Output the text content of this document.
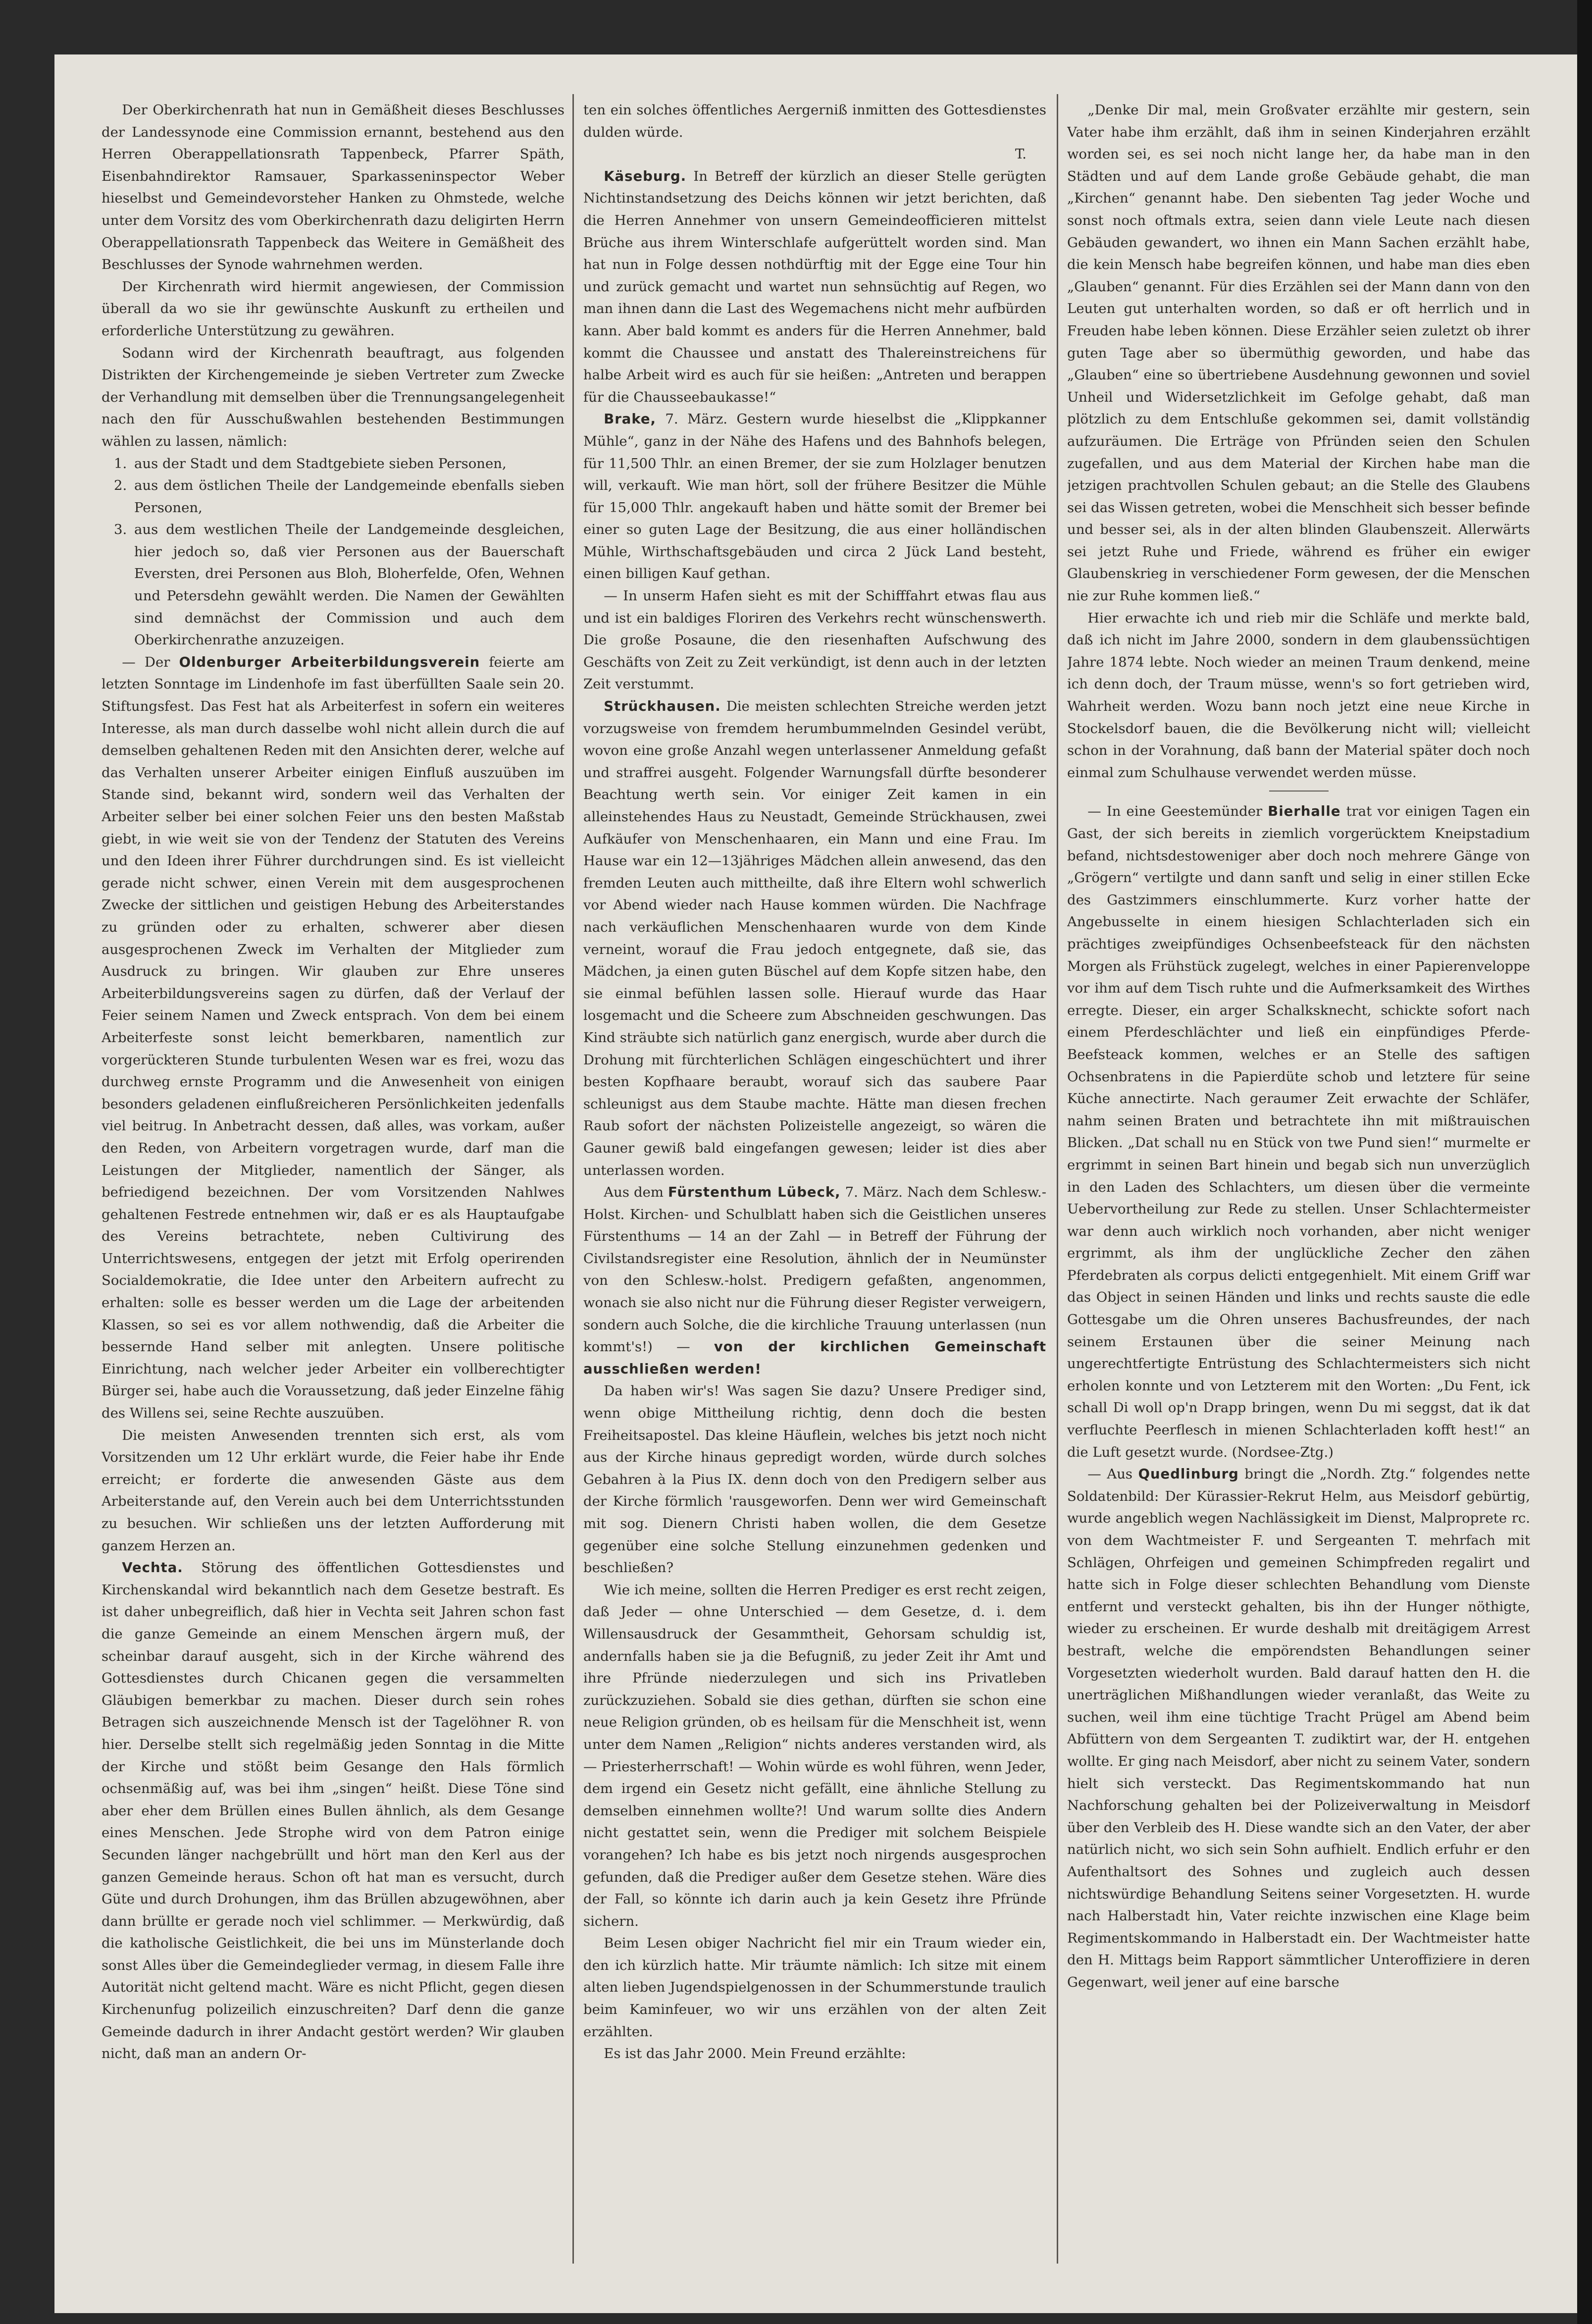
Der Oberkirchenrath hat nun in Gemäßheit dieses Beschlusses der Landessynode eine Commission ernannt, bestehend aus den Herren Oberappellationsrath Tappenbeck, Pfarrer Späth, Eisenbahndirektor Ramsauer, Sparkasseninspector Weber hieselbst und Gemeindevorsteher Hanken zu Ohmstede, welche unter dem Vorsitz des vom Oberkirchenrath dazu deligirten Herrn Oberappellationsrath Tappenbeck das Weitere in Gemäßheit des Beschlusses der Synode wahrnehmen werden.

Der Kirchenrath wird hiermit angewiesen, der Commission überall da wo sie ihr gewünschte Auskunft zu ertheilen und erforderliche Unterstützung zu gewähren.

Sodann wird der Kirchenrath beauftragt, aus folgenden Distrikten der Kirchengemeinde je sieben Vertreter zum Zwecke der Verhandlung mit demselben über die Trennungsangelegenheit nach den für Ausschußwahlen bestehenden Bestimmungen wählen zu lassen, nämlich:

1. aus der Stadt und dem Stadtgebiete sieben Personen,
2. aus dem östlichen Theile der Landgemeinde ebenfalls sieben Personen,
3. aus dem westlichen Theile der Landgemeinde desgleichen, hier jedoch so, daß vier Personen aus der Bauerschaft Eversten, drei Personen aus Bloh, Bloherfelde, Ofen, Wehnen und Petersdehn gewählt werden. Die Namen der Gewählten sind demnächst der Commission und auch dem Oberkirchenrathe anzuzeigen.

— Der Oldenburger Arbeiterbildungsverein feierte am letzten Sonntage im Lindenhofe im fast überfüllten Saale sein 20. Stiftungsfest. Das Fest hat als Arbeiterfest in sofern ein weiteres Interesse, als man durch dasselbe wohl nicht allein durch die auf demselben gehaltenen Reden mit den Ansichten derer, welche auf das Verhalten unserer Arbeiter einigen Einfluß auszuüben im Stande sind, bekannt wird, sondern weil das Verhalten der Arbeiter selber bei einer solchen Feier uns den besten Maßstab giebt, in wie weit sie von der Tendenz der Statuten des Vereins und den Ideen ihrer Führer durchdrungen sind. Es ist vielleicht gerade nicht schwer, einen Verein mit dem ausgesprochenen Zwecke der sittlichen und geistigen Hebung des Arbeiterstandes zu gründen oder zu erhalten, schwerer aber diesen ausgesprochenen Zweck im Verhalten der Mitglieder zum Ausdruck zu bringen. Wir glauben zur Ehre unseres Arbeiterbildungsvereins sagen zu dürfen, daß der Verlauf der Feier seinem Namen und Zweck entsprach. Von dem bei einem Arbeiterfeste sonst leicht bemerkbaren, namentlich zur vorgerückteren Stunde turbulenten Wesen war es frei, wozu das durchweg ernste Programm und die Anwesenheit von einigen besonders geladenen einflußreicheren Persönlichkeiten jedenfalls viel beitrug. In Anbetracht dessen, daß alles, was vorkam, außer den Reden, von Arbeitern vorgetragen wurde, darf man die Leistungen der Mitglieder, namentlich der Sänger, als befriedigend bezeichnen. Der vom Vorsitzenden Nahlwes gehaltenen Festrede entnehmen wir, daß er es als Hauptaufgabe des Vereins betrachtete, neben Cultivirung des Unterrichtswesens, entgegen der jetzt mit Erfolg operirenden Socialdemokratie, die Idee unter den Arbeitern aufrecht zu erhalten: solle es besser werden um die Lage der arbeitenden Klassen, so sei es vor allem nothwendig, daß die Arbeiter die bessernde Hand selber mit anlegten. Unsere politische Einrichtung, nach welcher jeder Arbeiter ein vollberechtigter Bürger sei, habe auch die Voraussetzung, daß jeder Einzelne fähig des Willens sei, seine Rechte auszuüben.

Die meisten Anwesenden trennten sich erst, als vom Vorsitzenden um 12 Uhr erklärt wurde, die Feier habe ihr Ende erreicht; er forderte die anwesenden Gäste aus dem Arbeiterstande auf, den Verein auch bei dem Unterrichtsstunden zu besuchen. Wir schließen uns der letzten Aufforderung mit ganzem Herzen an.

Vechta. Störung des öffentlichen Gottesdienstes und Kirchenskandal wird bekanntlich nach dem Gesetze bestraft. Es ist daher unbegreiflich, daß hier in Vechta seit Jahren schon fast die ganze Gemeinde an einem Menschen ärgern muß, der scheinbar darauf ausgeht, sich in der Kirche während des Gottesdienstes durch Chicanen gegen die versammelten Gläubigen bemerkbar zu machen. Dieser durch sein rohes Betragen sich auszeichnende Mensch ist der Tagelöhner R. von hier. Derselbe stellt sich regelmäßig jeden Sonntag in die Mitte der Kirche und stößt beim Gesange den Hals förmlich ochsenmäßig auf, was bei ihm „singen“ heißt. Diese Töne sind aber eher dem Brüllen eines Bullen ähnlich, als dem Gesange eines Menschen. Jede Strophe wird von dem Patron einige Secunden länger nachgebrüllt und hört man den Kerl aus der ganzen Gemeinde heraus. Schon oft hat man es versucht, durch Güte und durch Drohungen, ihm das Brüllen abzugewöhnen, aber dann brüllte er gerade noch viel schlimmer. — Merkwürdig, daß die katholische Geistlichkeit, die bei uns im Münsterlande doch sonst Alles über die Gemeindeglieder vermag, in diesem Falle ihre Autorität nicht geltend macht. Wäre es nicht Pflicht, gegen diesen Kirchenunfug polizeilich einzuschreiten? Darf denn die ganze Gemeinde dadurch in ihrer Andacht gestört werden? Wir glauben nicht, daß man an andern Or-

ten ein solches öffentliches Aergerniß inmitten des Gottesdienstes dulden würde.

T.

Käseburg. In Betreff der kürzlich an dieser Stelle gerügten Nichtinstandsetzung des Deichs können wir jetzt berichten, daß die Herren Annehmer von unsern Gemeindeofficieren mittelst Brüche aus ihrem Winterschlafe aufgerüttelt worden sind. Man hat nun in Folge dessen nothdürftig mit der Egge eine Tour hin und zurück gemacht und wartet nun sehnsüchtig auf Regen, wo man ihnen dann die Last des Wegemachens nicht mehr aufbürden kann. Aber bald kommt es anders für die Herren Annehmer, bald kommt die Chaussee und anstatt des Thalereinstreichens für halbe Arbeit wird es auch für sie heißen: „Antreten und berappen für die Chausseebaukasse!“

Brake, 7. März. Gestern wurde hieselbst die „Klippkanner Mühle“, ganz in der Nähe des Hafens und des Bahnhofs belegen, für 11,500 Thlr. an einen Bremer, der sie zum Holzlager benutzen will, verkauft. Wie man hört, soll der frühere Besitzer die Mühle für 15,000 Thlr. angekauft haben und hätte somit der Bremer bei einer so guten Lage der Besitzung, die aus einer holländischen Mühle, Wirthschaftsgebäuden und circa 2 Jück Land besteht, einen billigen Kauf gethan.

— In unserm Hafen sieht es mit der Schifffahrt etwas flau aus und ist ein baldiges Floriren des Verkehrs recht wünschenswerth. Die große Posaune, die den riesenhaften Aufschwung des Geschäfts von Zeit zu Zeit verkündigt, ist denn auch in der letzten Zeit verstummt.

Strückhausen. Die meisten schlechten Streiche werden jetzt vorzugsweise von fremdem herumbummelnden Gesindel verübt, wovon eine große Anzahl wegen unterlassener Anmeldung gefaßt und straffrei ausgeht. Folgender Warnungsfall dürfte besonderer Beachtung werth sein. Vor einiger Zeit kamen in ein alleinstehendes Haus zu Neustadt, Gemeinde Strückhausen, zwei Aufkäufer von Menschenhaaren, ein Mann und eine Frau. Im Hause war ein 12—13jähriges Mädchen allein anwesend, das den fremden Leuten auch mittheilte, daß ihre Eltern wohl schwerlich vor Abend wieder nach Hause kommen würden. Die Nachfrage nach verkäuflichen Menschenhaaren wurde von dem Kinde verneint, worauf die Frau jedoch entgegnete, daß sie, das Mädchen, ja einen guten Büschel auf dem Kopfe sitzen habe, den sie einmal befühlen lassen solle. Hierauf wurde das Haar losgemacht und die Scheere zum Abschneiden geschwungen. Das Kind sträubte sich natürlich ganz energisch, wurde aber durch die Drohung mit fürchterlichen Schlägen eingeschüchtert und ihrer besten Kopfhaare beraubt, worauf sich das saubere Paar schleunigst aus dem Staube machte. Hätte man diesen frechen Raub sofort der nächsten Polizeistelle angezeigt, so wären die Gauner gewiß bald eingefangen gewesen; leider ist dies aber unterlassen worden.

Aus dem Fürstenthum Lübeck, 7. März. Nach dem Schlesw.-Holst. Kirchen- und Schulblatt haben sich die Geistlichen unseres Fürstenthums — 14 an der Zahl — in Betreff der Führung der Civilstandsregister eine Resolution, ähnlich der in Neumünster von den Schlesw.-holst. Predigern gefaßten, angenommen, wonach sie also nicht nur die Führung dieser Register verweigern, sondern auch Solche, die die kirchliche Trauung unterlassen (nun kommt's!) — von der kirchlichen Gemeinschaft ausschließen werden!

Da haben wir's! Was sagen Sie dazu? Unsere Prediger sind, wenn obige Mittheilung richtig, denn doch die besten Freiheitsapostel. Das kleine Häuflein, welches bis jetzt noch nicht aus der Kirche hinaus gepredigt worden, würde durch solches Gebahren à la Pius IX. denn doch von den Predigern selber aus der Kirche förmlich 'rausgeworfen. Denn wer wird Gemeinschaft mit sog. Dienern Christi haben wollen, die dem Gesetze gegenüber eine solche Stellung einzunehmen gedenken und beschließen?

Wie ich meine, sollten die Herren Prediger es erst recht zeigen, daß Jeder — ohne Unterschied — dem Gesetze, d. i. dem Willensausdruck der Gesammtheit, Gehorsam schuldig ist, andernfalls haben sie ja die Befugniß, zu jeder Zeit ihr Amt und ihre Pfründe niederzulegen und sich ins Privatleben zurückzuziehen. Sobald sie dies gethan, dürften sie schon eine neue Religion gründen, ob es heilsam für die Menschheit ist, wenn unter dem Namen „Religion“ nichts anderes verstanden wird, als — Priesterherrschaft! — Wohin würde es wohl führen, wenn Jeder, dem irgend ein Gesetz nicht gefällt, eine ähnliche Stellung zu demselben einnehmen wollte?! Und warum sollte dies Andern nicht gestattet sein, wenn die Prediger mit solchem Beispiele vorangehen? Ich habe es bis jetzt noch nirgends ausgesprochen gefunden, daß die Prediger außer dem Gesetze stehen. Wäre dies der Fall, so könnte ich darin auch ja kein Gesetz ihre Pfründe sichern.

Beim Lesen obiger Nachricht fiel mir ein Traum wieder ein, den ich kürzlich hatte. Mir träumte nämlich: Ich sitze mit einem alten lieben Jugendspielgenossen in der Schummerstunde traulich beim Kaminfeuer, wo wir uns erzählen von der alten Zeit erzählten.

Es ist das Jahr 2000. Mein Freund erzählte:

„Denke Dir mal, mein Großvater erzählte mir gestern, sein Vater habe ihm erzählt, daß ihm in seinen Kinderjahren erzählt worden sei, es sei noch nicht lange her, da habe man in den Städten und auf dem Lande große Gebäude gehabt, die man „Kirchen“ genannt habe. Den siebenten Tag jeder Woche und sonst noch oftmals extra, seien dann viele Leute nach diesen Gebäuden gewandert, wo ihnen ein Mann Sachen erzählt habe, die kein Mensch habe begreifen können, und habe man dies eben „Glauben“ genannt. Für dies Erzählen sei der Mann dann von den Leuten gut unterhalten worden, so daß er oft herrlich und in Freuden habe leben können. Diese Erzähler seien zuletzt ob ihrer guten Tage aber so übermüthig geworden, und habe das „Glauben“ eine so übertriebene Ausdehnung gewonnen und soviel Unheil und Widersetzlichkeit im Gefolge gehabt, daß man plötzlich zu dem Entschluße gekommen sei, damit vollständig aufzuräumen. Die Erträge von Pfründen seien den Schulen zugefallen, und aus dem Material der Kirchen habe man die jetzigen prachtvollen Schulen gebaut; an die Stelle des Glaubens sei das Wissen getreten, wobei die Menschheit sich besser befinde und besser sei, als in der alten blinden Glaubenszeit. Allerwärts sei jetzt Ruhe und Friede, während es früher ein ewiger Glaubenskrieg in verschiedener Form gewesen, der die Menschen nie zur Ruhe kommen ließ.“

Hier erwachte ich und rieb mir die Schläfe und merkte bald, daß ich nicht im Jahre 2000, sondern in dem glaubenssüchtigen Jahre 1874 lebte. Noch wieder an meinen Traum denkend, meine ich denn doch, der Traum müsse, wenn's so fort getrieben wird, Wahrheit werden. Wozu bann noch jetzt eine neue Kirche in Stockelsdorf bauen, die die Bevölkerung nicht will; vielleicht schon in der Vorahnung, daß bann der Material später doch noch einmal zum Schulhause verwendet werden müsse.

— In eine Geestemünder Bierhalle trat vor einigen Tagen ein Gast, der sich bereits in ziemlich vorgerücktem Kneipstadium befand, nichtsdestoweniger aber doch noch mehrere Gänge von „Grögern“ vertilgte und dann sanft und selig in einer stillen Ecke des Gastzimmers einschlummerte. Kurz vorher hatte der Angebusselte in einem hiesigen Schlachterladen sich ein prächtiges zweipfündiges Ochsenbeefsteack für den nächsten Morgen als Frühstück zugelegt, welches in einer Papierenveloppe vor ihm auf dem Tisch ruhte und die Aufmerksamkeit des Wirthes erregte. Dieser, ein arger Schalksknecht, schickte sofort nach einem Pferdeschlächter und ließ ein einpfündiges Pferde-Beefsteack kommen, welches er an Stelle des saftigen Ochsenbratens in die Papierdüte schob und letztere für seine Küche annectirte. Nach geraumer Zeit erwachte der Schläfer, nahm seinen Braten und betrachtete ihn mit mißtrauischen Blicken. „Dat schall nu en Stück von twe Pund sien!“ murmelte er ergrimmt in seinen Bart hinein und begab sich nun unverzüglich in den Laden des Schlachters, um diesen über die vermeinte Uebervortheilung zur Rede zu stellen. Unser Schlachtermeister war denn auch wirklich noch vorhanden, aber nicht weniger ergrimmt, als ihm der unglückliche Zecher den zähen Pferdebraten als corpus delicti entgegenhielt. Mit einem Griff war das Object in seinen Händen und links und rechts sauste die edle Gottesgabe um die Ohren unseres Bachusfreundes, der nach seinem Erstaunen über die seiner Meinung nach ungerechtfertigte Entrüstung des Schlachtermeisters sich nicht erholen konnte und von Letzterem mit den Worten: „Du Fent, ick schall Di woll op'n Drapp bringen, wenn Du mi seggst, dat ik dat verfluchte Peerflesch in mienen Schlachterladen kofft hest!“ an die Luft gesetzt wurde. (Nordsee-Ztg.)

— Aus Quedlinburg bringt die „Nordh. Ztg.“ folgendes nette Soldatenbild: Der Kürassier-Rekrut Helm, aus Meisdorf gebürtig, wurde angeblich wegen Nachlässigkeit im Dienst, Malproprete rc. von dem Wachtmeister F. und Sergeanten T. mehrfach mit Schlägen, Ohrfeigen und gemeinen Schimpfreden regalirt und hatte sich in Folge dieser schlechten Behandlung vom Dienste entfernt und versteckt gehalten, bis ihn der Hunger nöthigte, wieder zu erscheinen. Er wurde deshalb mit dreitägigem Arrest bestraft, welche die empörendsten Behandlungen seiner Vorgesetzten wiederholt wurden. Bald darauf hatten den H. die unerträglichen Mißhandlungen wieder veranlaßt, das Weite zu suchen, weil ihm eine tüchtige Tracht Prügel am Abend beim Abfüttern von dem Sergeanten T. zudiktirt war, der H. entgehen wollte. Er ging nach Meisdorf, aber nicht zu seinem Vater, sondern hielt sich versteckt. Das Regimentskommando hat nun Nachforschung gehalten bei der Polizeiverwaltung in Meisdorf über den Verbleib des H. Diese wandte sich an den Vater, der aber natürlich nicht, wo sich sein Sohn aufhielt. Endlich erfuhr er den Aufenthaltsort des Sohnes und zugleich auch dessen nichtswürdige Behandlung Seitens seiner Vorgesetzten. H. wurde nach Halberstadt hin, Vater reichte inzwischen eine Klage beim Regimentskommando in Halberstadt ein. Der Wachtmeister hatte den H. Mittags beim Rapport sämmtlicher Unteroffiziere in deren Gegenwart, weil jener auf eine barsche
